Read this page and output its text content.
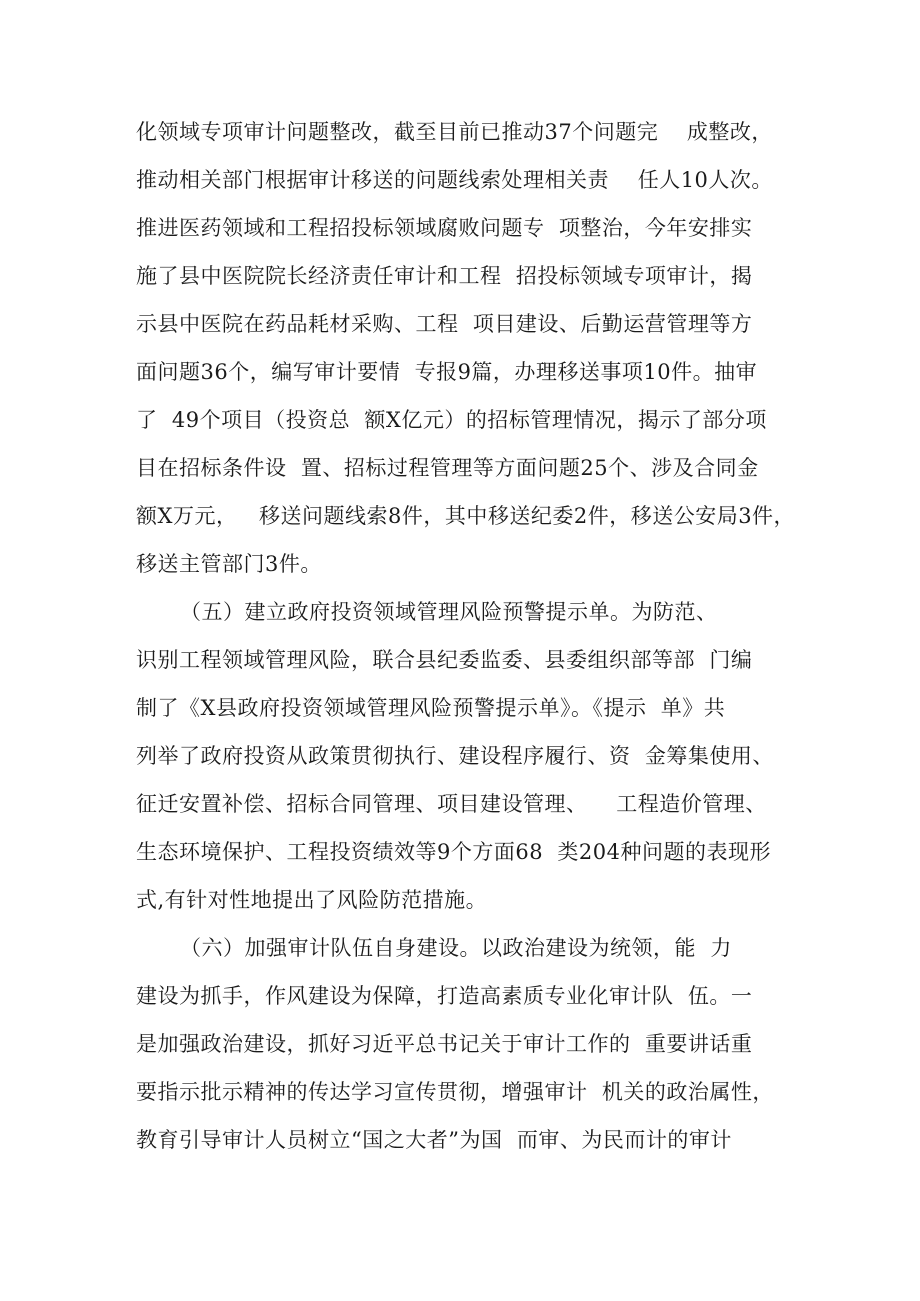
化领域专项审计问题整改，截至目前已推动37个问题完    成整改，
推动相关部门根据审计移送的问题线索处理相关责    任人10人次。
推进医药领域和工程招投标领域腐败问题专  项整治，今年安排实
施了县中医院院长经济责任审计和工程  招投标领域专项审计，揭
示县中医院在药品耗材采购、工程  项目建设、后勤运营管理等方
面问题36个，编写审计要情  专报9篇，办理移送事项10件。抽审
了  49个项目（投资总  额X亿元）的招标管理情况，揭示了部分项
目在招标条件设  置、招标过程管理等方面问题25个、涉及合同金
额X万元，   移送问题线索8件，其中移送纪委2件，移送公安局3件，
移送主管部门3件。
（五）建立政府投资领域管理风险预警提示单。为防范、
识别工程领域管理风险，联合县纪委监委、县委组织部等部  门编
制了《X县政府投资领域管理风险预警提示单》。《提示  单》共
列举了政府投资从政策贯彻执行、建设程序履行、资  金筹集使用、
征迁安置补偿、招标合同管理、项目建设管理、    工程造价管理、
生态环境保护、工程投资绩效等9个方面68  类204种问题的表现形
式,有针对性地提出了风险防范措施。
（六）加强审计队伍自身建设。以政治建设为统领，能  力
建设为抓手，作风建设为保障，打造高素质专业化审计队  伍。一
是加强政治建设，抓好习近平总书记关于审计工作的  重要讲话重
要指示批示精神的传达学习宣传贯彻，增强审计  机关的政治属性，
教育引导审计人员树立“国之大者”为国  而审、为民而计的审计
